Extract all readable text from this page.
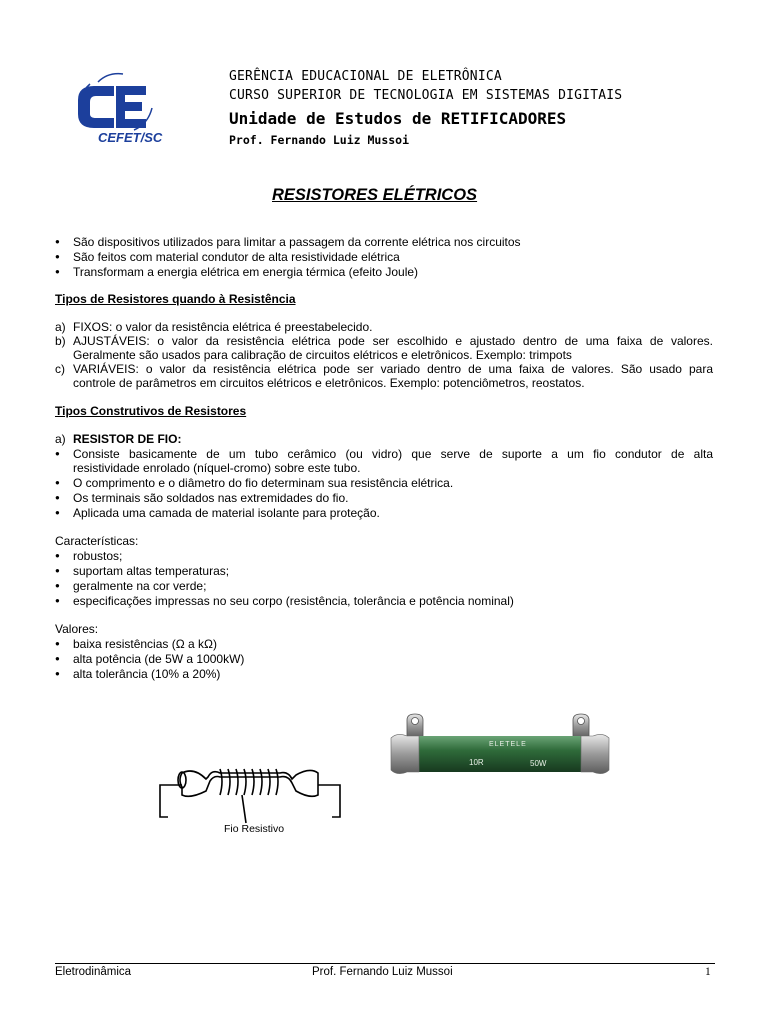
CEFET/SC
GERÊNCIA EDUCACIONAL DE ELETRÔNICA
CURSO SUPERIOR DE TECNOLOGIA EM SISTEMAS DIGITAIS
Unidade de Estudos de RETIFICADORES
Prof. Fernando Luiz Mussoi
RESISTORES ELÉTRICOS
São dispositivos utilizados para limitar a passagem da corrente elétrica nos circuitos
São feitos com material condutor de alta resistividade elétrica
Transformam a energia elétrica em energia térmica (efeito Joule)
Tipos de Resistores quando à Resistência
a) FIXOS: o valor da resistência elétrica é preestabelecido.
b) AJUSTÁVEIS: o valor da resistência elétrica pode ser escolhido e ajustado dentro de uma faixa de valores.
Geralmente são usados para calibração de circuitos elétricos e eletrônicos. Exemplo: trimpots
c) VARIÁVEIS: o valor da resistência elétrica pode ser variado dentro de uma faixa de valores. São usado para
controle de parâmetros em circuitos elétricos e eletrônicos. Exemplo: potenciômetros, reostatos.
Tipos Construtivos de Resistores
a) RESISTOR DE FIO:
Consiste basicamente de um tubo cerâmico (ou vidro) que serve de suporte a um fio condutor de alta
resistividade enrolado (níquel-cromo) sobre este tubo.
O comprimento e o diâmetro do fio determinam sua resistência elétrica.
Os terminais são soldados nas extremidades do fio.
Aplicada uma camada de material isolante para proteção.
Características:
robustos;
suportam altas temperaturas;
geralmente na cor verde;
especificações impressas no seu corpo (resistência, tolerância e potência nominal)
Valores:
baixa resistências (Ω a kΩ)
alta potência (de 5W a 1000kW)
alta tolerância (10% a 20%)
Fio Resistivo
ELETELE
10R	50W
Eletrodinâmica	Prof. Fernando Luiz Mussoi	1
